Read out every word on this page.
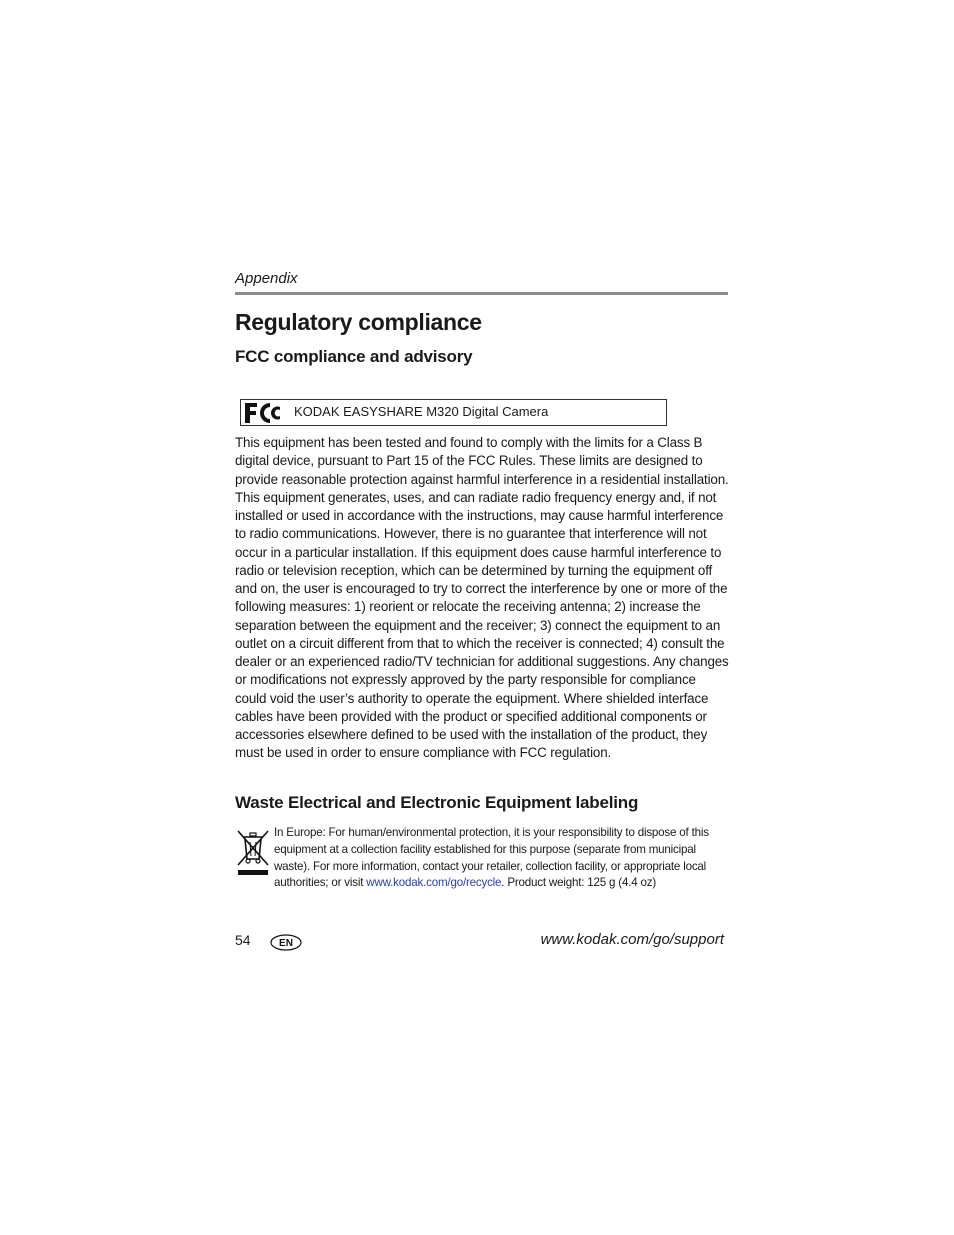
Appendix
Regulatory compliance
FCC compliance and advisory
KODAK EASYSHARE M320 Digital Camera

This equipment has been tested and found to comply with the limits for a Class B digital device, pursuant to Part 15 of the FCC Rules. These limits are designed to provide reasonable protection against harmful interference in a residential installation. This equipment generates, uses, and can radiate radio frequency energy and, if not installed or used in accordance with the instructions, may cause harmful interference to radio communications. However, there is no guarantee that interference will not occur in a particular installation. If this equipment does cause harmful interference to radio or television reception, which can be determined by turning the equipment off and on, the user is encouraged to try to correct the interference by one or more of the following measures: 1) reorient or relocate the receiving antenna; 2) increase the separation between the equipment and the receiver; 3) connect the equipment to an outlet on a circuit different from that to which the receiver is connected; 4) consult the dealer or an experienced radio/TV technician for additional suggestions. Any changes or modifications not expressly approved by the party responsible for compliance could void the user’s authority to operate the equipment. Where shielded interface cables have been provided with the product or specified additional components or accessories elsewhere defined to be used with the installation of the product, they must be used in order to ensure compliance with FCC regulation.

Waste Electrical and Electronic Equipment labeling

In Europe: For human/environmental protection, it is your responsibility to dispose of this equipment at a collection facility established for this purpose (separate from municipal waste). For more information, contact your retailer, collection facility, or appropriate local authorities; or visit www.kodak.com/go/recycle. Product weight: 125 g (4.4 oz)

54	EN	www.kodak.com/go/support
